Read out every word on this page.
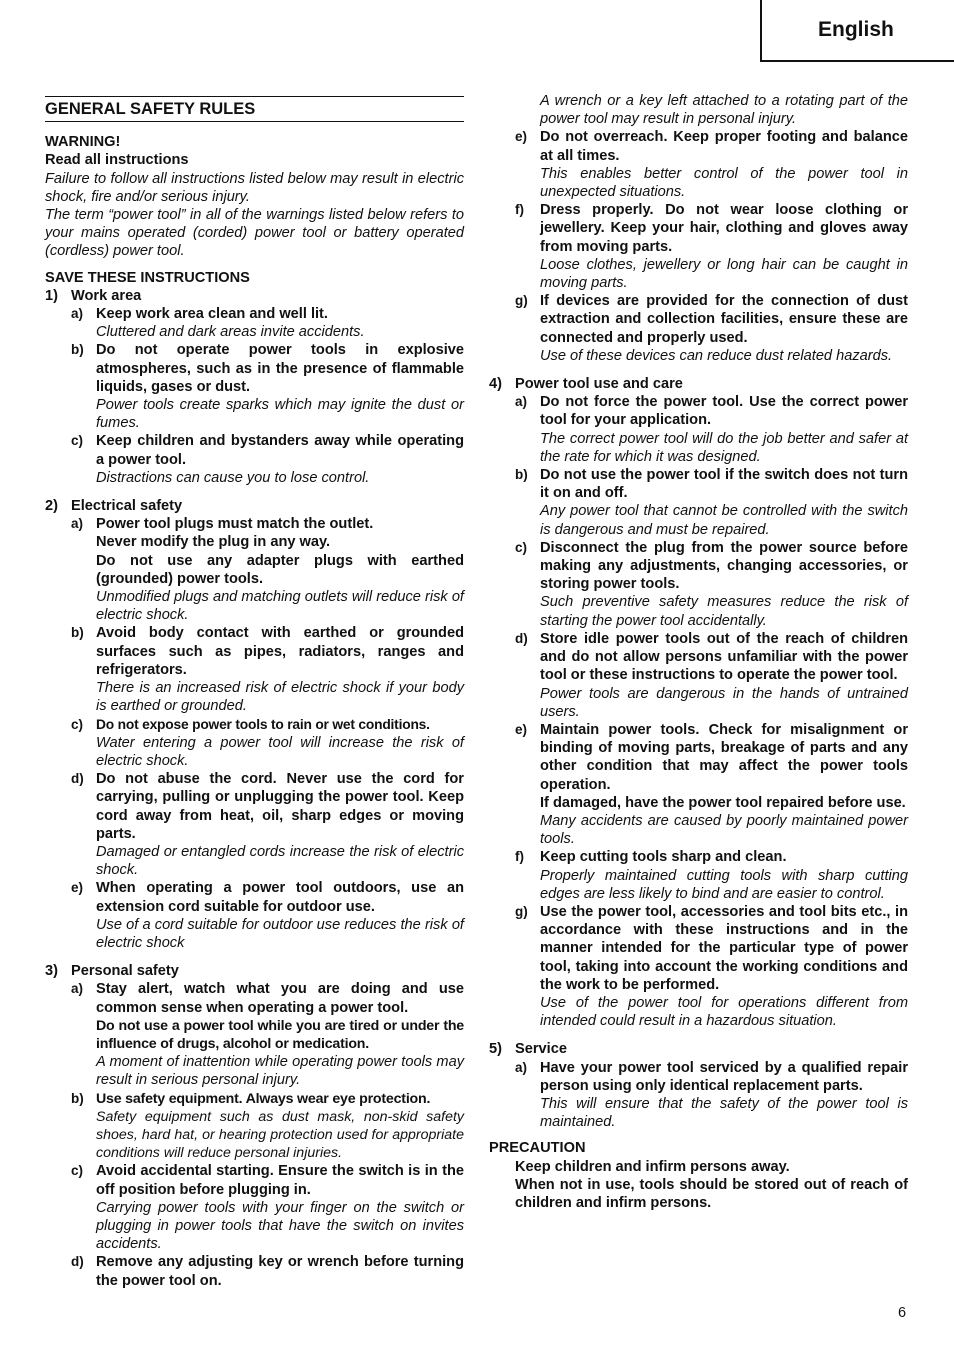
English
GENERAL SAFETY RULES
WARNING!
Read all instructions
Failure to follow all instructions listed below may result in electric shock, fire and/or serious injury.
The term “power tool” in all of the warnings listed below refers to your mains operated (corded) power tool or battery operated (cordless) power tool.
SAVE THESE INSTRUCTIONS
1) Work area
a) Keep work area clean and well lit.
Cluttered and dark areas invite accidents.
b) Do not operate power tools in explosive atmospheres, such as in the presence of flammable liquids, gases or dust.
Power tools create sparks which may ignite the dust or fumes.
c) Keep children and bystanders away while operating a power tool.
Distractions can cause you to lose control.
2) Electrical safety
a) Power tool plugs must match the outlet.
Never modify the plug in any way.
Do not use any adapter plugs with earthed (grounded) power tools.
Unmodified plugs and matching outlets will reduce risk of electric shock.
b) Avoid body contact with earthed or grounded surfaces such as pipes, radiators, ranges and refrigerators.
There is an increased risk of electric shock if your body is earthed or grounded.
c) Do not expose power tools to rain or wet conditions.
Water entering a power tool will increase the risk of electric shock.
d) Do not abuse the cord. Never use the cord for carrying, pulling or unplugging the power tool. Keep cord away from heat, oil, sharp edges or moving parts.
Damaged or entangled cords increase the risk of electric shock.
e) When operating a power tool outdoors, use an extension cord suitable for outdoor use.
Use of a cord suitable for outdoor use reduces the risk of electric shock
3) Personal safety
a) Stay alert, watch what you are doing and use common sense when operating a power tool.
Do not use a power tool while you are tired or under the influence of drugs, alcohol or medication.
A moment of inattention while operating power tools may result in serious personal injury.
b) Use safety equipment. Always wear eye protection.
Safety equipment such as dust mask, non-skid safety shoes, hard hat, or hearing protection used for appropriate conditions will reduce personal injuries.
c) Avoid accidental starting. Ensure the switch is in the off position before plugging in.
Carrying power tools with your finger on the switch or plugging in power tools that have the switch on invites accidents.
d) Remove any adjusting key or wrench before turning the power tool on.
A wrench or a key left attached to a rotating part of the power tool may result in personal injury.
e) Do not overreach. Keep proper footing and balance at all times.
This enables better control of the power tool in unexpected situations.
f)	Dress properly. Do not wear loose clothing or jewellery. Keep your hair, clothing and gloves away from moving parts.
Loose clothes, jewellery or long hair can be caught in moving parts.
g) If devices are provided for the connection of dust extraction and collection facilities, ensure these are connected and properly used.
Use of these devices can reduce dust related hazards.
4) Power tool use and care
a) Do not force the power tool. Use the correct power tool for your application.
The correct power tool will do the job better and safer at the rate for which it was designed.
b) Do not use the power tool if the switch does not turn it on and off.
Any power tool that cannot be controlled with the switch is dangerous and must be repaired.
c) Disconnect the plug from the power source before making any adjustments, changing accessories, or storing power tools.
Such preventive safety measures reduce the risk of starting the power tool accidentally.
d) Store idle power tools out of the reach of children and do not allow persons unfamiliar with the power tool or these instructions to operate the power tool.
Power tools are dangerous in the hands of untrained users.
e) Maintain power tools. Check for misalignment or binding of moving parts, breakage of parts and any other condition that may affect the power tools operation.
If damaged, have the power tool repaired before use.
Many accidents are caused by poorly maintained power tools.
f)	Keep cutting tools sharp and clean.
Properly maintained cutting tools with sharp cutting edges are less likely to bind and are easier to control.
g) Use the power tool, accessories and tool bits etc., in accordance with these instructions and in the manner intended for the particular type of power tool, taking into account the working conditions and the work to be performed.
Use of the power tool for operations different from intended could result in a hazardous situation.
5) Service
a) Have your power tool serviced by a qualified repair person using only identical replacement parts.
This will ensure that the safety of the power tool is maintained.
PRECAUTION
Keep children and infirm persons away.
When not in use, tools should be stored out of reach of children and infirm persons.
6
